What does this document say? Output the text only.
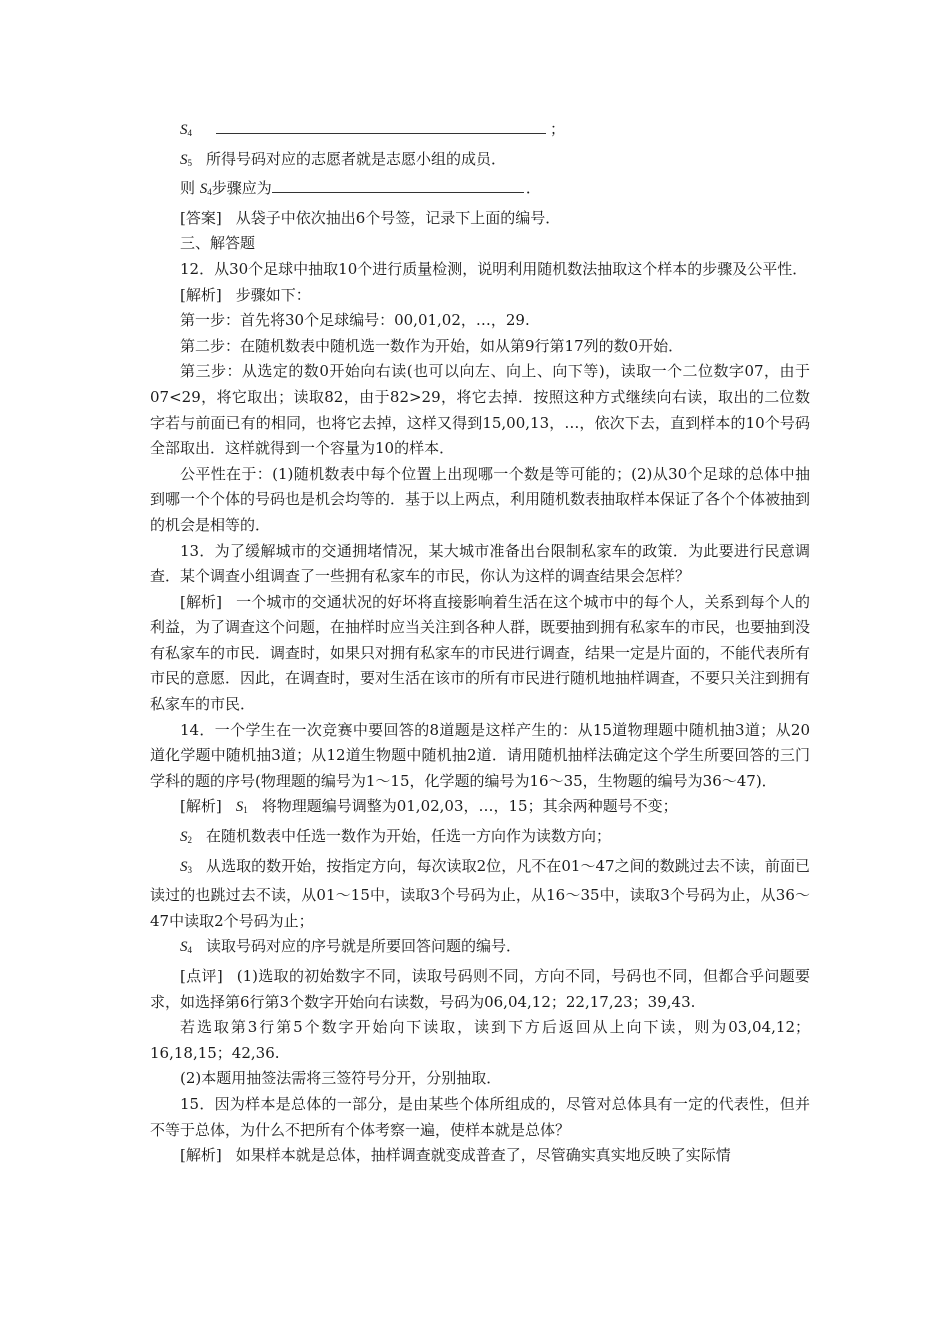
$S_4$	；

$S_5$ 所得号码对应的志愿者就是志愿小组的成员．

则 $S_4$步骤应为	．

[答案] 从袋子中依次抽出6个号签，记录下上面的编号．

三、解答题

12．从30个足球中抽取10个进行质量检测，说明利用随机数法抽取这个样本的步骤及公平性．

[解析] 步骤如下：

第一步：首先将30个足球编号：00,01,02，…，29.

第二步：在随机数表中随机选一数作为开始，如从第9行第17列的数0开始．

第三步：从选定的数0开始向右读(也可以向左、向上、向下等)，读取一个二位数字07，由于07<29，将它取出；读取82，由于82>29，将它去掉．按照这种方式继续向右读，取出的二位数字若与前面已有的相同，也将它去掉，这样又得到15,00,13，…，依次下去，直到样本的10个号码全部取出．这样就得到一个容量为10的样本．

公平性在于：(1)随机数表中每个位置上出现哪一个数是等可能的；(2)从30个足球的总体中抽到哪一个个体的号码也是机会均等的．基于以上两点，利用随机数表抽取样本保证了各个个体被抽到的机会是相等的．

13．为了缓解城市的交通拥堵情况，某大城市准备出台限制私家车的政策．为此要进行民意调查．某个调查小组调查了一些拥有私家车的市民，你认为这样的调查结果会怎样？

[解析] 一个城市的交通状况的好坏将直接影响着生活在这个城市中的每个人，关系到每个人的利益，为了调查这个问题，在抽样时应当关注到各种人群，既要抽到拥有私家车的市民，也要抽到没有私家车的市民．调查时，如果只对拥有私家车的市民进行调查，结果一定是片面的，不能代表所有市民的意愿．因此，在调查时，要对生活在该市的所有市民进行随机地抽样调查，不要只关注到拥有私家车的市民．

14．一个学生在一次竞赛中要回答的8道题是这样产生的：从15道物理题中随机抽3道；从20道化学题中随机抽3道；从12道生物题中随机抽2道．请用随机抽样法确定这个学生所要回答的三门学科的题的序号(物理题的编号为1～15，化学题的编号为16～35，生物题的编号为36～47)．

[解析] $S_1$ 将物理题编号调整为01,02,03，…，15；其余两种题号不变；

$S_2$ 在随机数表中任选一数作为开始，任选一方向作为读数方向；

$S_3$ 从选取的数开始，按指定方向，每次读取2位，凡不在01～47之间的数跳过去不读，前面已读过的也跳过去不读，从01～15中，读取3个号码为止，从16～35中，读取3个号码为止，从36～47中读取2个号码为止；

$S_4$ 读取号码对应的序号就是所要回答问题的编号．

[点评] (1)选取的初始数字不同，读取号码则不同，方向不同，号码也不同，但都合乎问题要求，如选择第6行第3个数字开始向右读数，号码为06,04,12；22,17,23；39,43.

若选取第3行第5个数字开始向下读取，读到下方后返回从上向下读，则为03,04,12；16,18,15；42,36.

(2)本题用抽签法需将三签符号分开，分别抽取．

15．因为样本是总体的一部分，是由某些个体所组成的，尽管对总体具有一定的代表性，但并不等于总体，为什么不把所有个体考察一遍，使样本就是总体？

[解析] 如果样本就是总体，抽样调查就变成普查了，尽管确实真实地反映了实际情
